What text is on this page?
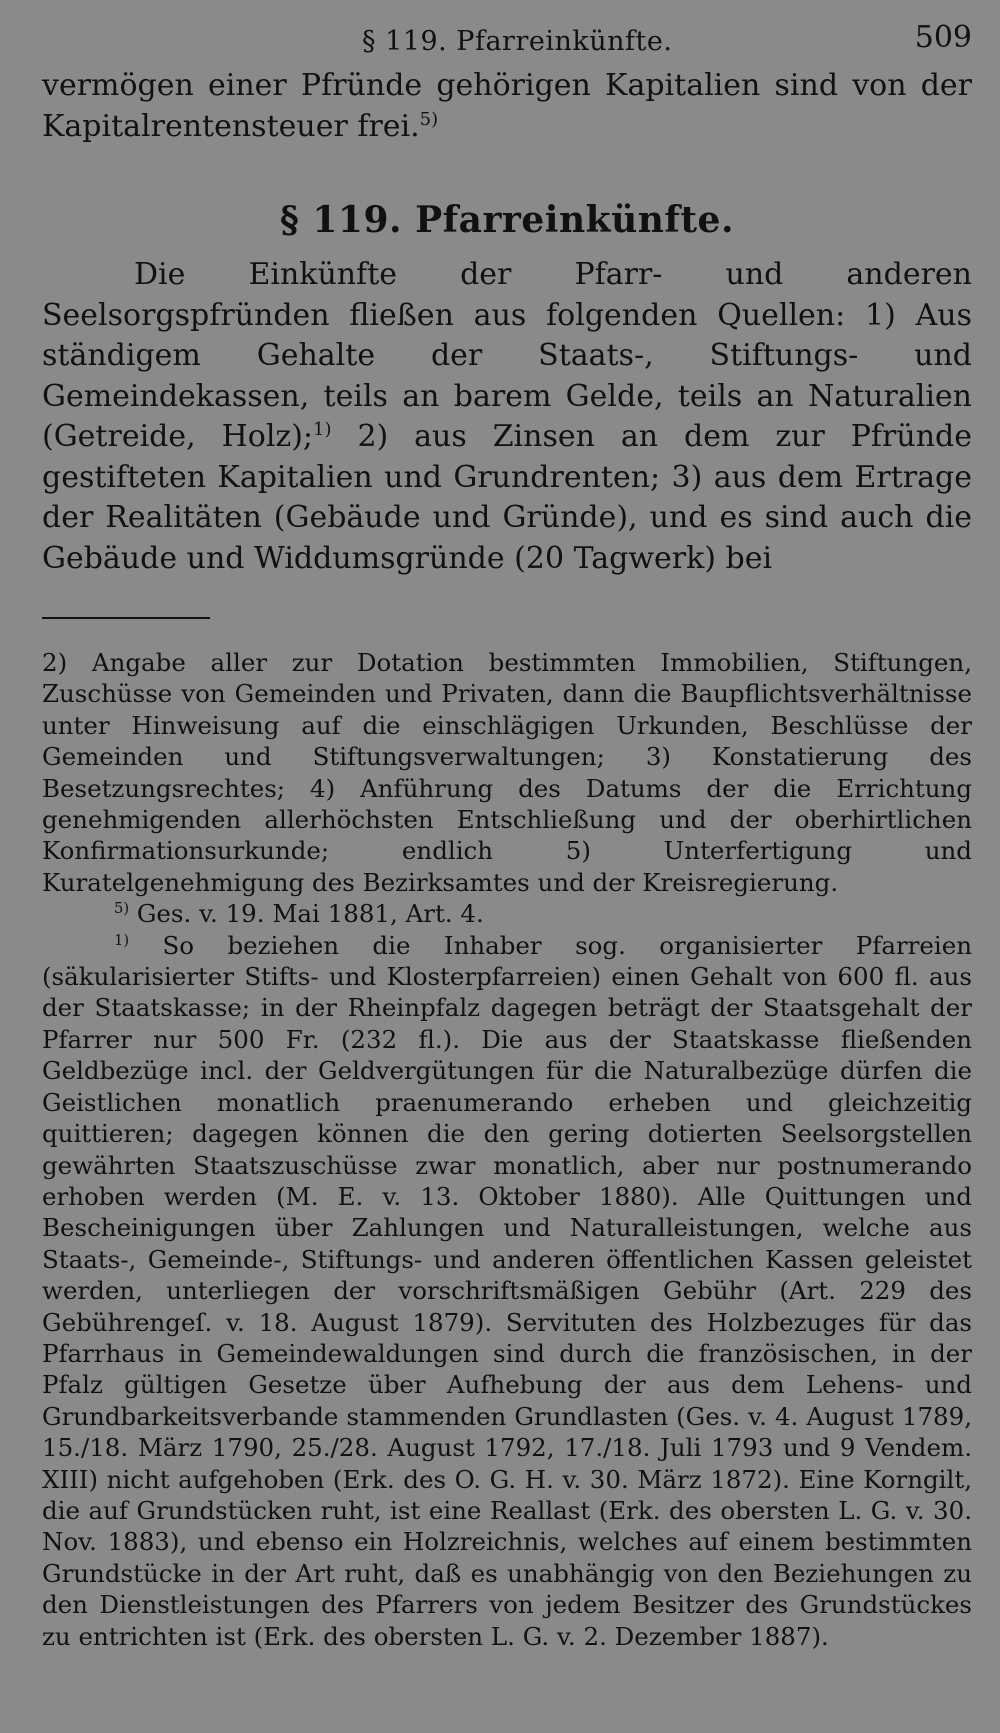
§ 119. Pfarreinkünfte.	509

vermögen einer Pfründe gehörigen Kapitalien sind von der Kapitalrentensteuer frei.$^{5)}$

§ 119. Pfarreinkünfte.

Die Einkünfte der Pfarr- und anderen Seelsorgspfründen fließen aus folgenden Quellen: 1) Aus ständigem Gehalte der Staats-, Stiftungs- und Gemeindekassen, teils an barem Gelde, teils an Naturalien (Getreide, Holz);$^{1)}$ 2) aus Zinsen an dem zur Pfründe gestifteten Kapitalien und Grundrenten; 3) aus dem Ertrage der Realitäten (Gebäude und Gründe), und es sind auch die Gebäude und Widdumsgründe (20 Tagwerk) bei

2) Angabe aller zur Dotation bestimmten Immobilien, Stiftungen, Zuschüsse von Gemeinden und Privaten, dann die Baupflichtsverhältnisse unter Hinweisung auf die einschlägigen Urkunden, Beschlüsse der Gemeinden und Stiftungsverwaltungen; 3) Konstatierung des Besetzungsrechtes; 4) Anführung des Datums der die Errichtung genehmigenden allerhöchsten Entschließung und der oberhirtlichen Konfirmationsurkunde; endlich 5) Unterfertigung und Kuratelgenehmigung des Bezirksamtes und der Kreisregierung.

$^{5)}$ Ges. v. 19. Mai 1881, Art. 4.

$^{1)}$ So beziehen die Inhaber sog. organisierter Pfarreien (säkularisierter Stifts- und Klosterpfarreien) einen Gehalt von 600 fl. aus der Staatskasse; in der Rheinpfalz dagegen beträgt der Staatsgehalt der Pfarrer nur 500 Fr. (232 fl.). Die aus der Staatskasse fließenden Geldbezüge incl. der Geldvergütungen für die Naturalbezüge dürfen die Geistlichen monatlich praenumerando erheben und gleichzeitig quittieren; dagegen können die den gering dotierten Seelsorgstellen gewährten Staatszuschüsse zwar monatlich, aber nur postnumerando erhoben werden (M. E. v. 13. Oktober 1880). Alle Quittungen und Bescheinigungen über Zahlungen und Naturalleistungen, welche aus Staats-, Gemeinde-, Stiftungs- und anderen öffentlichen Kassen geleistet werden, unterliegen der vorschriftsmäßigen Gebühr (Art. 229 des Gebührengeſ. v. 18. August 1879). Servituten des Holzbezuges für das Pfarrhaus in Gemeindewaldungen sind durch die französischen, in der Pfalz gültigen Gesetze über Aufhebung der aus dem Lehens- und Grundbarkeitsverbande stammenden Grundlasten (Ges. v. 4. August 1789, 15./18. März 1790, 25./28. August 1792, 17./18. Juli 1793 und 9 Vendem. XIII) nicht aufgehoben (Erk. des O. G. H. v. 30. März 1872). Eine Korngilt, die auf Grundstücken ruht, ist eine Reallast (Erk. des obersten L. G. v. 30. Nov. 1883), und ebenso ein Holzreichnis, welches auf einem bestimmten Grundstücke in der Art ruht, daß es unabhängig von den Beziehungen zu den Dienstleistungen des Pfarrers von jedem Besitzer des Grundstückes zu entrichten ist (Erk. des obersten L. G. v. 2. Dezember 1887).
